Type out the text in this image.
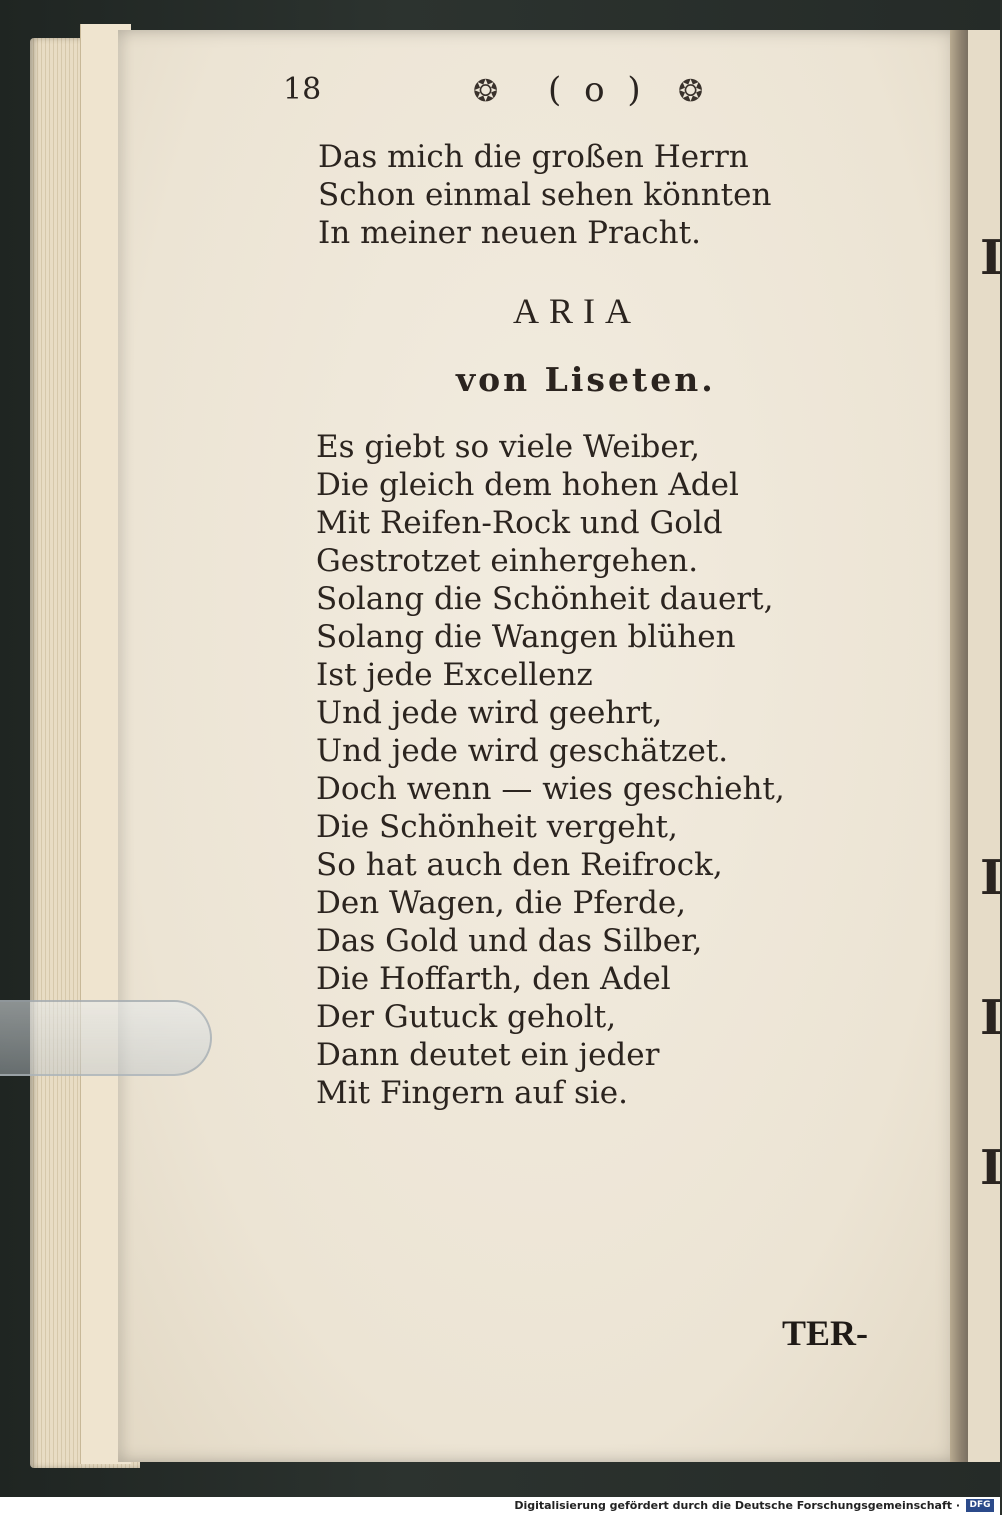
I
I
I
I
18	❂ ( o ) ❂
Das mich die großen Herrn
Schon einmal sehen könnten
In meiner neuen Pracht.
ARIA
von Liseten.
Es giebt so viele Weiber,
Die gleich dem hohen Adel
Mit Reifen-Rock und Gold
Gestrotzet einhergehen.
Solang die Schönheit dauert,
Solang die Wangen blühen
Ist jede Excellenz
Und jede wird geehrt,
Und jede wird geschätzet.
Doch wenn — wies geschieht,
Die Schönheit vergeht,
So hat auch den Reifrock,
Den Wagen, die Pferde,
Das Gold und das Silber,
Die Hoffarth, den Adel
Der Gutuck geholt,
Dann deutet ein jeder
Mit Fingern auf sie.
TER-
Digitalisierung gefördert durch die Deutsche Forschungsgemeinschaft ·	DFG
